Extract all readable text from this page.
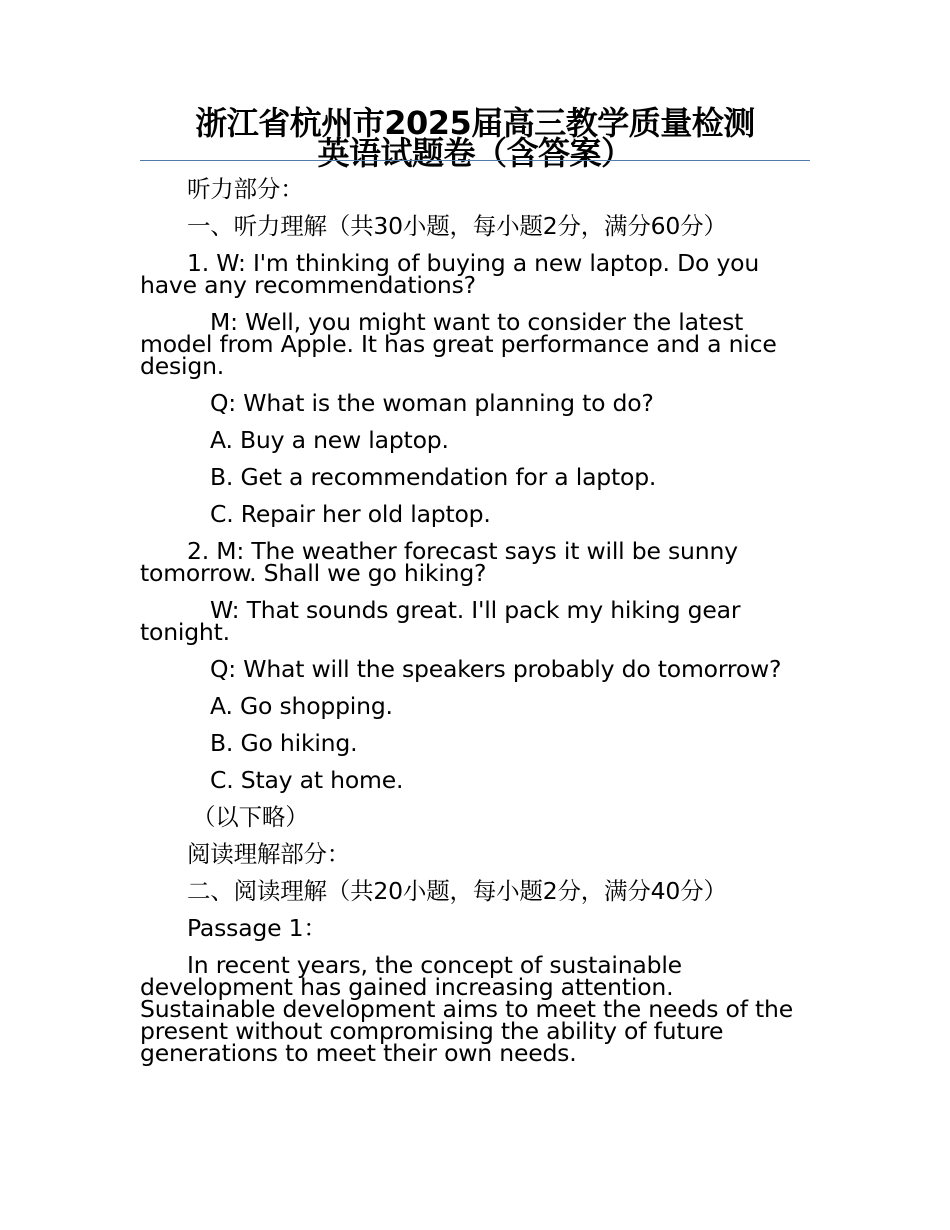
浙江省杭州市2025届高三教学质量检测
英语试题卷（含答案）

听力部分：

一、听力理解（共30小题，每小题2分，满分60分）

1. W: I'm thinking of buying a new laptop. Do you have any recommendations?

M: Well, you might want to consider the latest model from Apple. It has great performance and a nice design.

Q: What is the woman planning to do?

A. Buy a new laptop.

B. Get a recommendation for a laptop.

C. Repair her old laptop.

2. M: The weather forecast says it will be sunny tomorrow. Shall we go hiking?

W: That sounds great. I'll pack my hiking gear tonight.

Q: What will the speakers probably do tomorrow?

A. Go shopping.

B. Go hiking.

C. Stay at home.

（以下略）

阅读理解部分：

二、阅读理解（共20小题，每小题2分，满分40分）

Passage 1：

In recent years, the concept of sustainable development has gained increasing attention. Sustainable development aims to meet the needs of the present without compromising the ability of future generations to meet their own needs.
